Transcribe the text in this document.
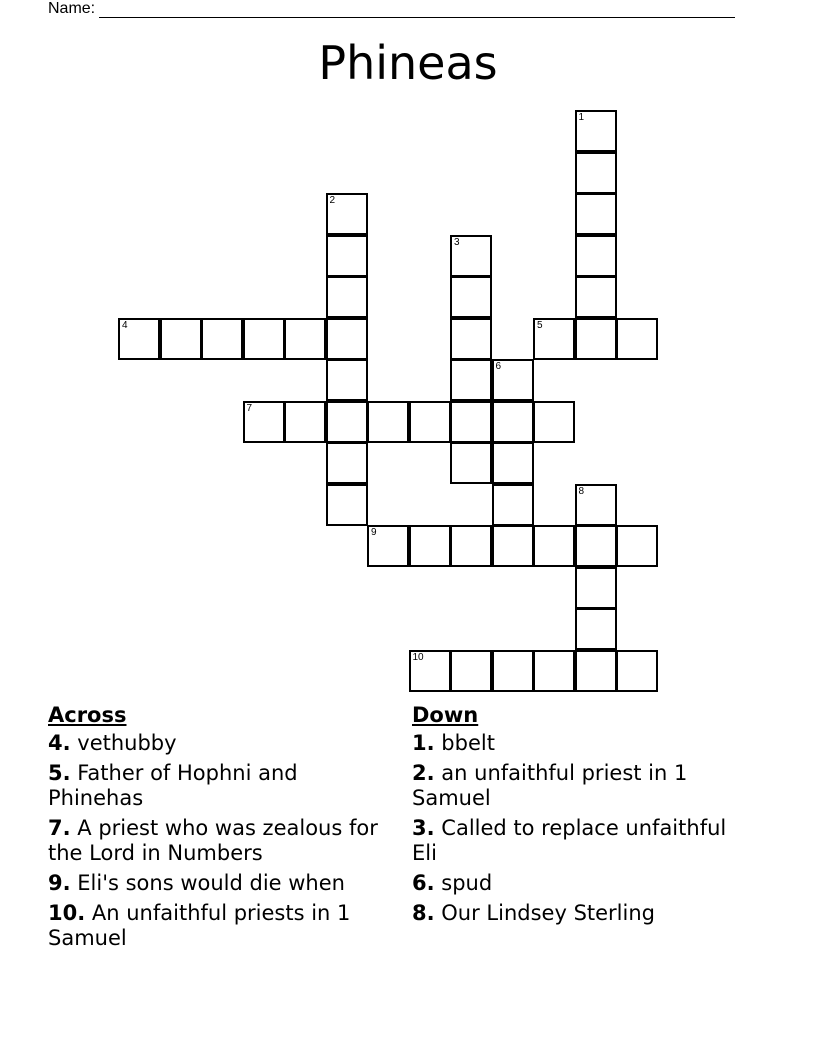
Name:
Phineas
1
2
3
4	5
6
7
8
9
10
Across
4. vethubby
5. Father of Hophni and Phinehas
7. A priest who was zealous for the Lord in Numbers
9. Eli's sons would die when
10. An unfaithful priests in 1 Samuel
Down
1. bbelt
2. an unfaithful priest in 1 Samuel
3. Called to replace unfaithful Eli
6. spud
8. Our Lindsey Sterling
